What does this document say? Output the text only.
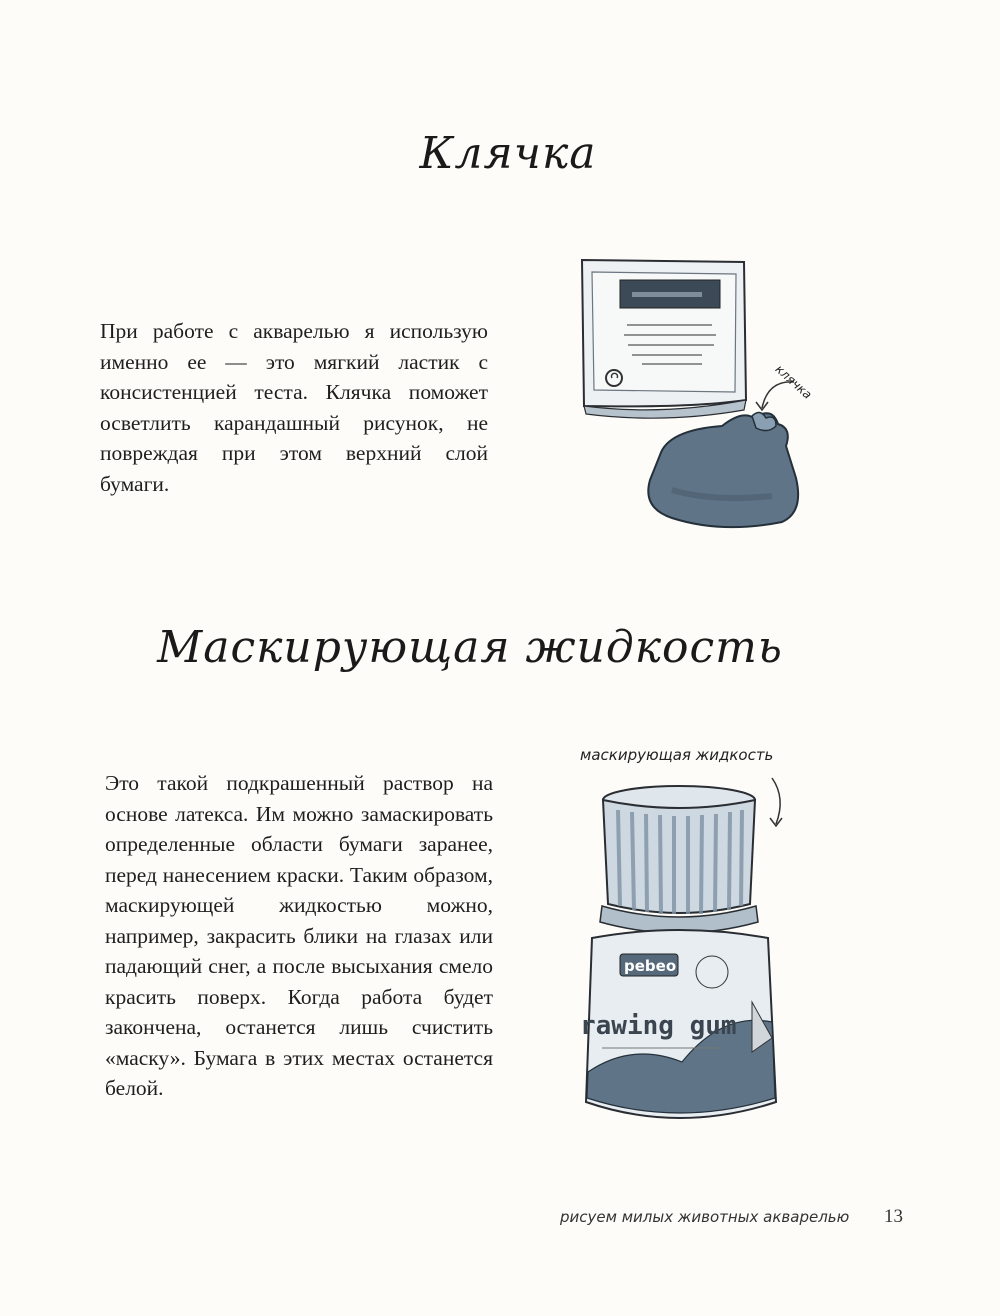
Клячка

При работе с акварелью я использую именно ее — это мягкий ластик с консистенцией теста. Клячка поможет осветлить карандашный рисунок, не повреждая при этом верхний слой бумаги.

клячка
Маскирующая жидкость

Это такой подкрашенный раствор на основе латекса. Им можно замаскировать определенные области бумаги заранее, перед нанесением краски. Таким образом, маскирующей жидкостью можно, например, закрасить блики на глазах или падающий снег, а после высыхания смело красить поверх. Когда работа будет закончена, останется лишь счистить «маску». Бумага в этих местах останется белой.

маскирующая жидкость
pebeo
rawing gum
рисуем милых животных акварелью 13
